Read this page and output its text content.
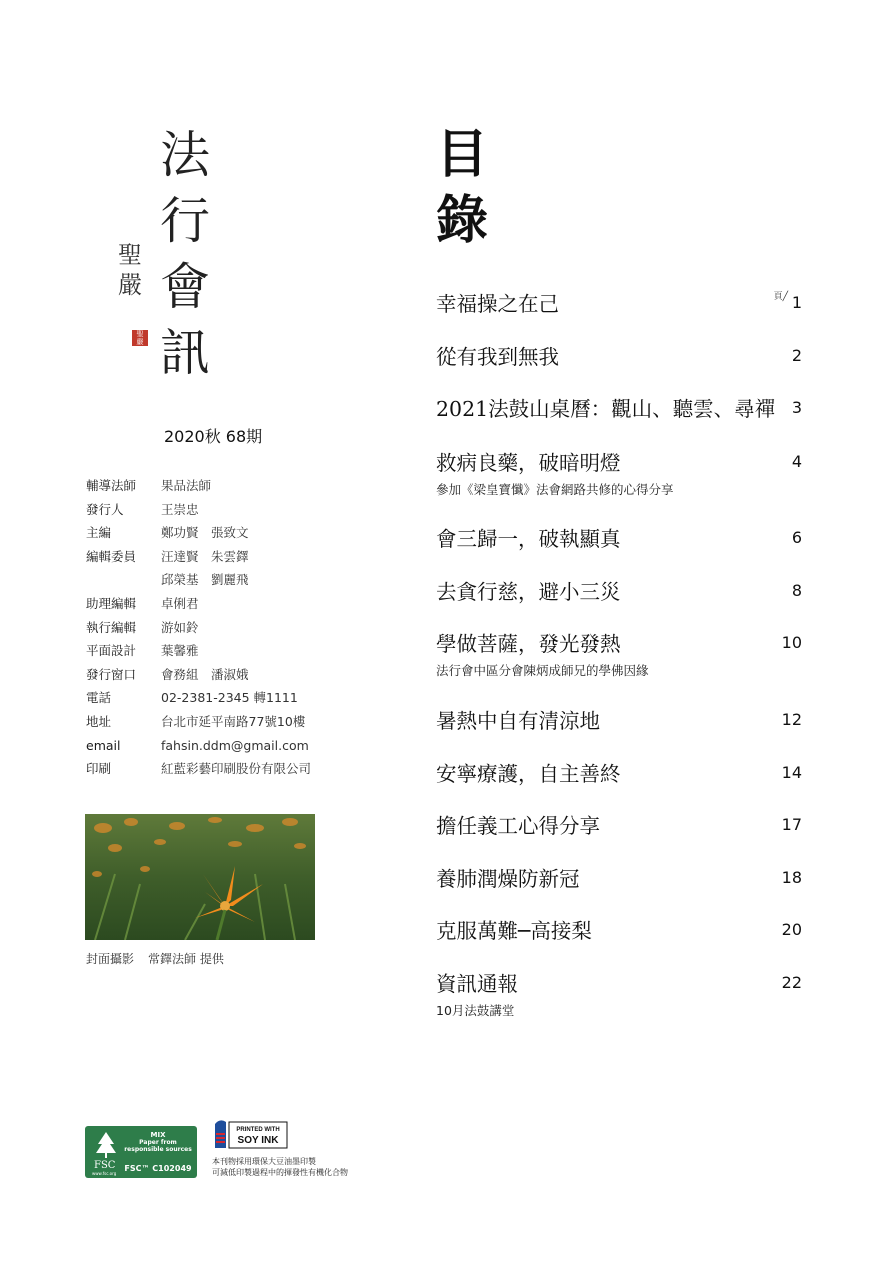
法
行
會
訊
聖
嚴
聖
嚴
2020秋 68期
輔導法師 果品法師
發行人	王崇忠
主編	鄭功賢　張致文
編輯委員 汪達賢　朱雲鐸
邱榮基　劉麗飛
助理編輯 卓俐君
執行編輯 游如鈴
平面設計 葉馨雅
發行窗口 會務組　潘淑娥
電話	02-2381-2345 轉1111
地址	台北市延平南路77號10樓
email	fahsin.ddm@gmail.com
印刷	紅藍彩藝印刷股份有限公司
封面攝影 常鐸法師 提供
目
錄
幸福操之在己	頁╱ 1
從有我到無我	2
2021法鼓山桌曆：觀山、聽雲、尋禪	3
救病良藥，破暗明燈
參加《梁皇寶懺》法會網路共修的心得分享
4
會三歸一，破執顯真	6
去貪行慈，避小三災	8
學做菩薩，發光發熱
法行會中區分會陳炳成師兄的學佛因緣
10
暑熱中自有清涼地	12
安寧療護，自主善終	14
擔任義工心得分享	17
養肺潤燥防新冠	18
克服萬難─高接梨	20
資訊通報
10月法鼓講堂
22
FSC
www.fsc.org
MIX
Paper from
responsible sources
FSC™ C102049
PRINTED WITH
SOY INK
本刊物採用環保大豆油墨印製
可減低印製過程中的揮發性有機化合物
